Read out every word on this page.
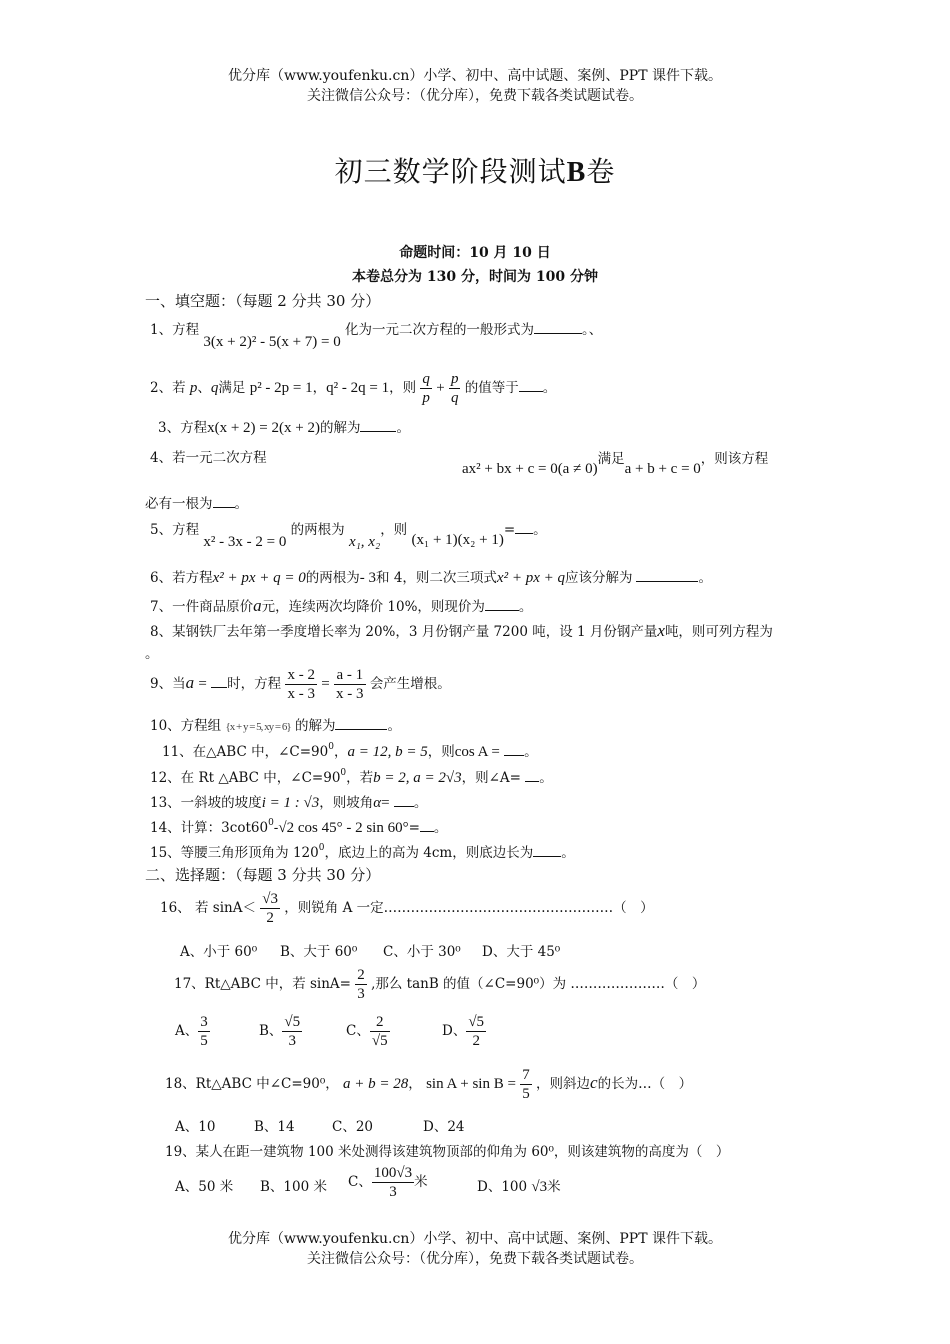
优分库（www.youfenku.cn）小学、初中、高中试题、案例、PPT 课件下载。
关注微信公众号：（优分库），免费下载各类试题试卷。
初三数学阶段测试B卷
命题时间：10 月 10 日
本卷总分为 130 分，时间为 100 分钟
一、填空题：（每题 2 分共 30 分）
1、方程 3(x + 2)² - 5(x + 7) = 0 化为一元二次方程的一般形式为	。、
2、若 p、q满足 p² - 2p = 1，q² - 2q = 1，则 $\frac{q}{p} + \frac{p}{q}$ 的值等于 。
3、方程x(x + 2) = 2(x + 2)的解为	。
4、若一元二次方程
ax² + bx + c = 0(a ≠ 0)满足a + b + c = 0，则该方程
必有一根为 。
5、方程 x² - 3x - 2 = 0 的两根为 x₁, x₂，则 (x₁ + 1)(x₂ + 1)= 。
6、若方程x² + px + q = 0的两根为- 3和 4，则二次三项式x² + px + q应该分解为	。
7、一件商品原价a元，连续两次均降价 10%，则现价为	。
8、某钢铁厂去年第一季度增长率为 20%，3 月份钢产量 7200 吨，设 1 月份钢产量x吨，则可列方程为
。
9、当a = 时，方程 $\frac{x - 2}{x - 3} = \frac{a - 1}{x - 3}$ 会产生增根。
10、方程组 {x + y = 5, xy = 6} 的解为	。
11、在△ABC 中，$\angle C=90^0$，a = 12, b = 5，则cos A = 。
12、在 Rt △ABC 中，$\angle C=90^0$，若b = 2, a = 2√3，则∠A= 。
13、一斜坡的坡度i = 1 : √3，则坡角α= 。
14、计算：$3\cot 60^0-√2$ cos 45° - 2 sin 60°= 。
15、等腰三角形顶角为 $120^0$，底边上的高为 4cm，则底边长为 。
二、选择题：（每题 3 分共 30 分）
16、 若 $\sin A< \frac{√3}{2}$ ，则锐角 A 一定……………………………………………（　）
A、小于 60⁰ B、大于 60⁰ C、小于 30⁰ D、大于 45⁰
17、Rt△ABC 中，若 $\sin A= \frac{2}{3}$ ,那么 tanB 的值（∠C=90⁰）为 …………………（　）
A、 $\frac{3}{5}$	B、 $\frac{√5}{3}$	C、 $\frac{2}{√5}$	D、 $\frac{√5}{2}$
18、Rt△ABC 中∠C=90⁰， a + b = 28， $\sin A + \sin B = \frac{7}{5}$ ，则斜边c的长为…（　）
A、10	B、14	C、20	D、24
19、某人在距一建筑物 100 米处测得该建筑物顶部的仰角为 60⁰，则该建筑物的高度为（　）
A、50 米 B、100 米 C、 $\frac{100√3}{3}$ 米	D、100 √3米
优分库（www.youfenku.cn）小学、初中、高中试题、案例、PPT 课件下载。
关注微信公众号：（优分库），免费下载各类试题试卷。
